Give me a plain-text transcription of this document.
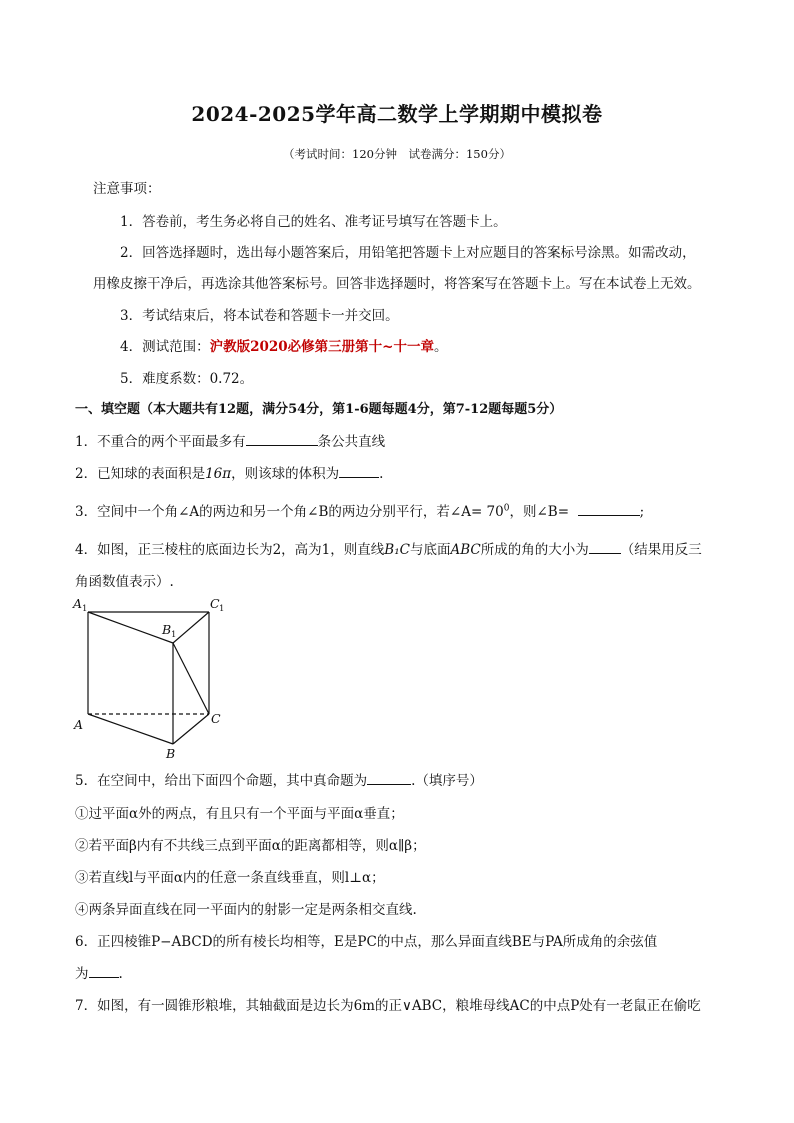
2024-2025学年高二数学上学期期中模拟卷
（考试时间：120分钟　试卷满分：150分）
注意事项：
1．答卷前，考生务必将自己的姓名、准考证号填写在答题卡上。
2．回答选择题时，选出每小题答案后，用铅笔把答题卡上对应题目的答案标号涂黑。如需改动，
用橡皮擦干净后，再选涂其他答案标号。回答非选择题时，将答案写在答题卡上。写在本试卷上无效。
3．考试结束后，将本试卷和答题卡一并交回。
4．测试范围：沪教版2020必修第三册第十~十一章。
5．难度系数：0.72。
一、填空题（本大题共有12题，满分54分，第1-6题每题4分，第7-12题每题5分）
1．不重合的两个平面最多有	条公共直线
2．已知球的表面积是16π，则该球的体积为	.
3．空间中一个角∠A的两边和另一个角∠B的两边分别平行，若∠A= $70^0$，则∠B=	;
4．如图，正三棱柱的底面边长为2，高为1，则直线B₁C与底面ABC所成的角的大小为 （结果用反三
角函数值表示）.
A 1	C 1
B 1
A
B
C
5．在空间中，给出下面四个命题，其中真命题为	.（填序号）
①过平面α外的两点，有且只有一个平面与平面α垂直；
②若平面β内有不共线三点到平面α的距离都相等，则α∥β；
③若直线l与平面α内的任意一条直线垂直，则l⊥α；
④两条异面直线在同一平面内的射影一定是两条相交直线.
6．正四棱锥P−ABCD的所有棱长均相等，E是PC的中点，那么异面直线BE与PA所成角的余弦值
为 .
7．如图，有一圆锥形粮堆，其轴截面是边长为6m的正∨ABC，粮堆母线AC的中点P处有一老鼠正在偷吃
